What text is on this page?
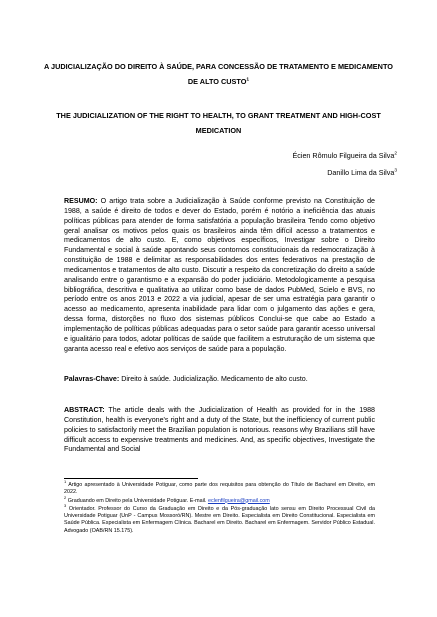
A JUDICIALIZAÇÃO DO DIREITO À SAÚDE, PARA CONCESSÃO DE TRATAMENTO E MEDICAMENTO DE ALTO CUSTO$^1$

THE JUDICIALIZATION OF THE RIGHT TO HEALTH, TO GRANT TREATMENT AND HIGH-COST MEDICATION

Écien Rômulo Filgueira da Silva$^2$

Danillo Lima da Silva$^3$

RESUMO: O artigo trata sobre a Judicialização à Saúde conforme previsto na Constituição de 1988, a saúde é direito de todos e dever do Estado, porém é notório a ineficiência das atuais políticas públicas para atender de forma satisfatória a população brasileira Tendo como objetivo geral analisar os motivos pelos quais os brasileiros ainda têm difícil acesso a tratamentos e medicamentos de alto custo. E, como objetivos específicos, Investigar sobre o Direito Fundamental e social à saúde apontando seus contornos constitucionais da redemocratização à constituição de 1988 e delimitar as responsabilidades dos entes federativos na prestação de medicamentos e tratamentos de alto custo. Discutir a respeito da concretização do direito a saúde analisando entre o garantismo e a expansão do poder judiciário. Metodologicamente a pesquisa bibliográfica, descritiva e qualitativa ao utilizar como base de dados PubMed, Scielo e BVS, no período entre os anos 2013 e 2022 a via judicial, apesar de ser uma estratégia para garantir o acesso ao medicamento, apresenta inabilidade para lidar com o julgamento das ações e gera, dessa forma, distorções no fluxo dos sistemas públicos Conclui-se que cabe ao Estado a implementação de políticas públicas adequadas para o setor saúde para garantir acesso universal e igualitário para todos, adotar políticas de saúde que facilitem a estruturação de um sistema que garanta acesso real e efetivo aos serviços de saúde para a população.

Palavras-Chave: Direito à saúde. Judicialização. Medicamento de alto custo.

ABSTRACT: The article deals with the Judicialization of Health as provided for in the 1988 Constitution, health is everyone's right and a duty of the State, but the inefficiency of current public policies to satisfactorily meet the Brazilian population is notorious. reasons why Brazilians still have difficult access to expensive treatments and medicines. And, as specific objectives, Investigate the Fundamental and Social

$^1$ Artigo apresentado à Universidade Potiguar, como parte dos requisitos para obtenção do Título de Bacharel em Direito, em 2022.

$^2$ Graduando em Direito pela Universidade Potiguar. E-mail. eclenfilgueira@gmail.com

$^3$ Orientador. Professor do Curso da Graduação em Direito e da Pós-graduação lato sensu em Direito Processual Civil da Universidade Potiguar (UnP - Campus Mossoró/RN). Mestre em Direito. Especialista em Direito Constitucional. Especialista em Saúde Pública. Especialista em Enfermagem Clínica. Bacharel em Direito. Bacharel em Enfermagem. Servidor Público Estadual. Advogado (OAB/RN 15.175).
